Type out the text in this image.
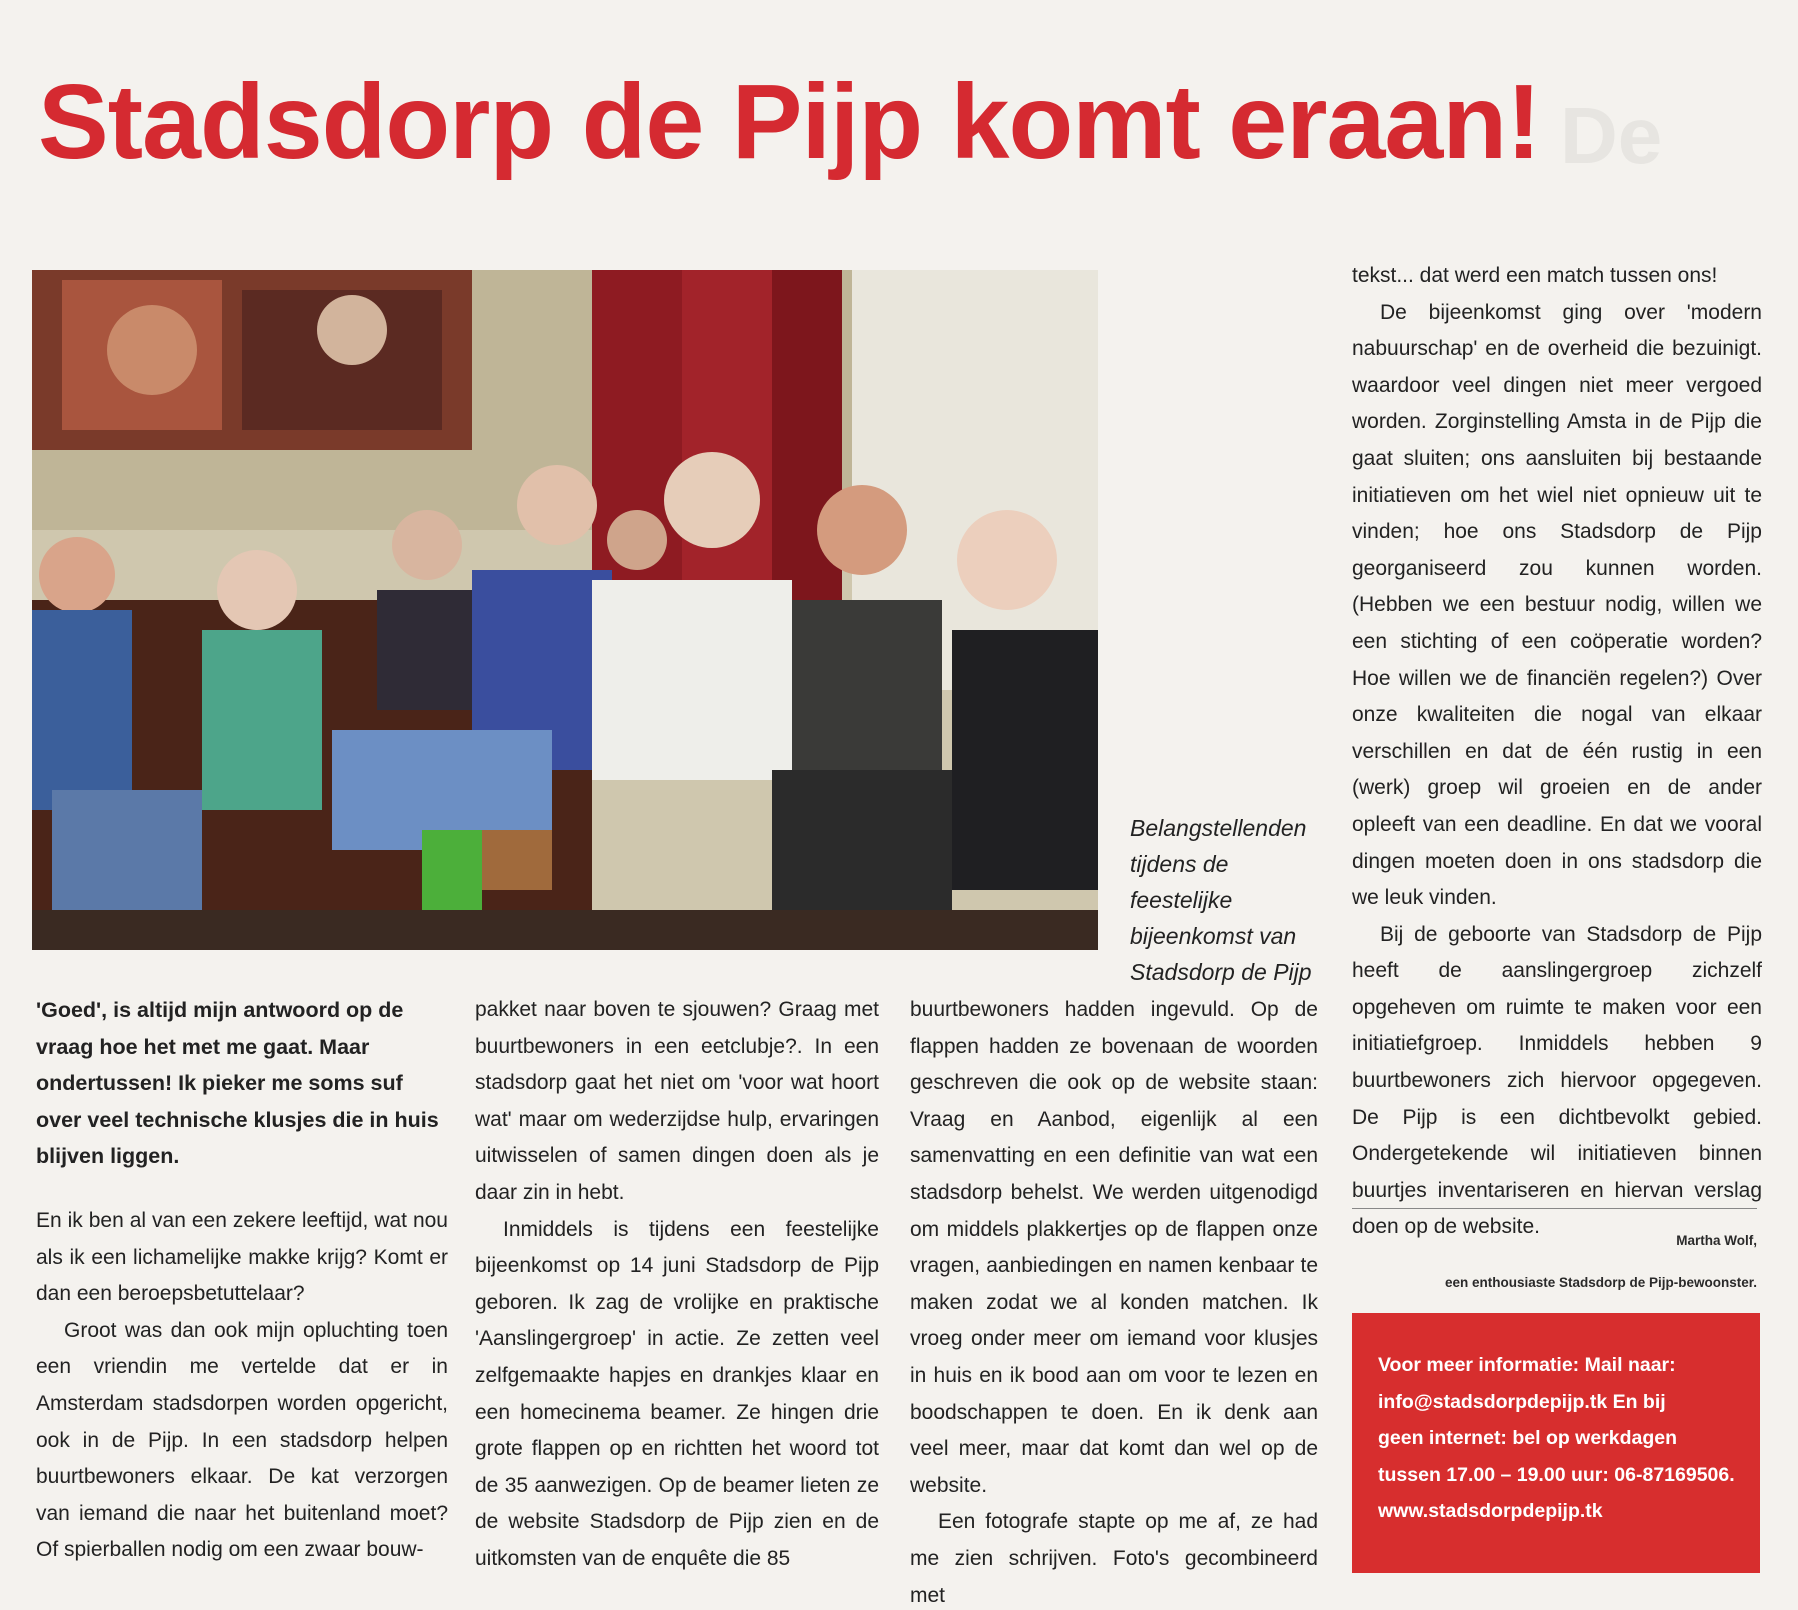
De
Stadsdorp de Pijp komt eraan!
Belangstellenden
tijdens de feestelijke
bijeenkomst van
Stadsdorp de Pijp

'Goed', is altijd mijn antwoord op de vraag hoe het met me gaat. Maar ondertussen! Ik pieker me soms suf over veel technische klusjes die in huis blijven liggen.

En ik ben al van een zekere leeftijd, wat nou als ik een lichamelijke makke krijg? Komt er dan een beroepsbetuttelaar?

Groot was dan ook mijn opluchting toen een vriendin me vertelde dat er in Amsterdam stadsdorpen worden opgericht, ook in de Pijp. In een stadsdorp helpen buurtbewoners elkaar. De kat verzorgen van iemand die naar het buitenland moet? Of spierballen nodig om een zwaar bouw-

pakket naar boven te sjouwen? Graag met buurtbewoners in een eetclubje?. In een stadsdorp gaat het niet om 'voor wat hoort wat' maar om wederzijdse hulp, ervaringen uitwisselen of samen dingen doen als je daar zin in hebt.

Inmiddels is tijdens een feestelijke bijeenkomst op 14 juni Stadsdorp de Pijp geboren. Ik zag de vrolijke en praktische 'Aanslingergroep' in actie. Ze zetten veel zelfgemaakte hapjes en drankjes klaar en een homecinema beamer. Ze hingen drie grote flappen op en richtten het woord tot de 35 aanwezigen. Op de beamer lieten ze de website Stadsdorp de Pijp zien en de uitkomsten van de enquête die 85

buurtbewoners hadden ingevuld. Op de flappen hadden ze bovenaan de woorden geschreven die ook op de website staan: Vraag en Aanbod, eigenlijk al een samenvatting en een definitie van wat een stadsdorp behelst. We werden uitgenodigd om middels plakkertjes op de flappen onze vragen, aanbiedingen en namen kenbaar te maken zodat we al konden matchen. Ik vroeg onder meer om iemand voor klusjes in huis en ik bood aan om voor te lezen en boodschappen te doen. En ik denk aan veel meer, maar dat komt dan wel op de website.

Een fotografe stapte op me af, ze had me zien schrijven. Foto's gecombineerd met

tekst... dat werd een match tussen ons!

De bijeenkomst ging over 'modern nabuurschap' en de overheid die bezuinigt. waardoor veel dingen niet meer vergoed worden. Zorginstelling Amsta in de Pijp die gaat sluiten; ons aansluiten bij bestaande initiatieven om het wiel niet opnieuw uit te vinden; hoe ons Stadsdorp de Pijp georganiseerd zou kunnen worden. (Hebben we een bestuur nodig, willen we een stichting of een coöperatie worden? Hoe willen we de financiën regelen?) Over onze kwaliteiten die nogal van elkaar verschillen en dat de één rustig in een (werk) groep wil groeien en de ander opleeft van een deadline. En dat we vooral dingen moeten doen in ons stadsdorp die we leuk vinden.

Bij de geboorte van Stadsdorp de Pijp heeft de aanslingergroep zichzelf opgeheven om ruimte te maken voor een initiatiefgroep. Inmiddels hebben 9 buurtbewoners zich hiervoor opgegeven. De Pijp is een dichtbevolkt gebied. Ondergetekende wil initiatieven binnen buurtjes inventariseren en hiervan verslag doen op de website.

Martha Wolf,
een enthousiaste Stadsdorp de Pijp-bewoonster.
Voor meer informatie: Mail naar:
info@stadsdorpdepijp.tk En bij
geen internet: bel op werkdagen
tussen 17.00 – 19.00 uur: 06-87169506.
www.stadsdorpdepijp.tk
